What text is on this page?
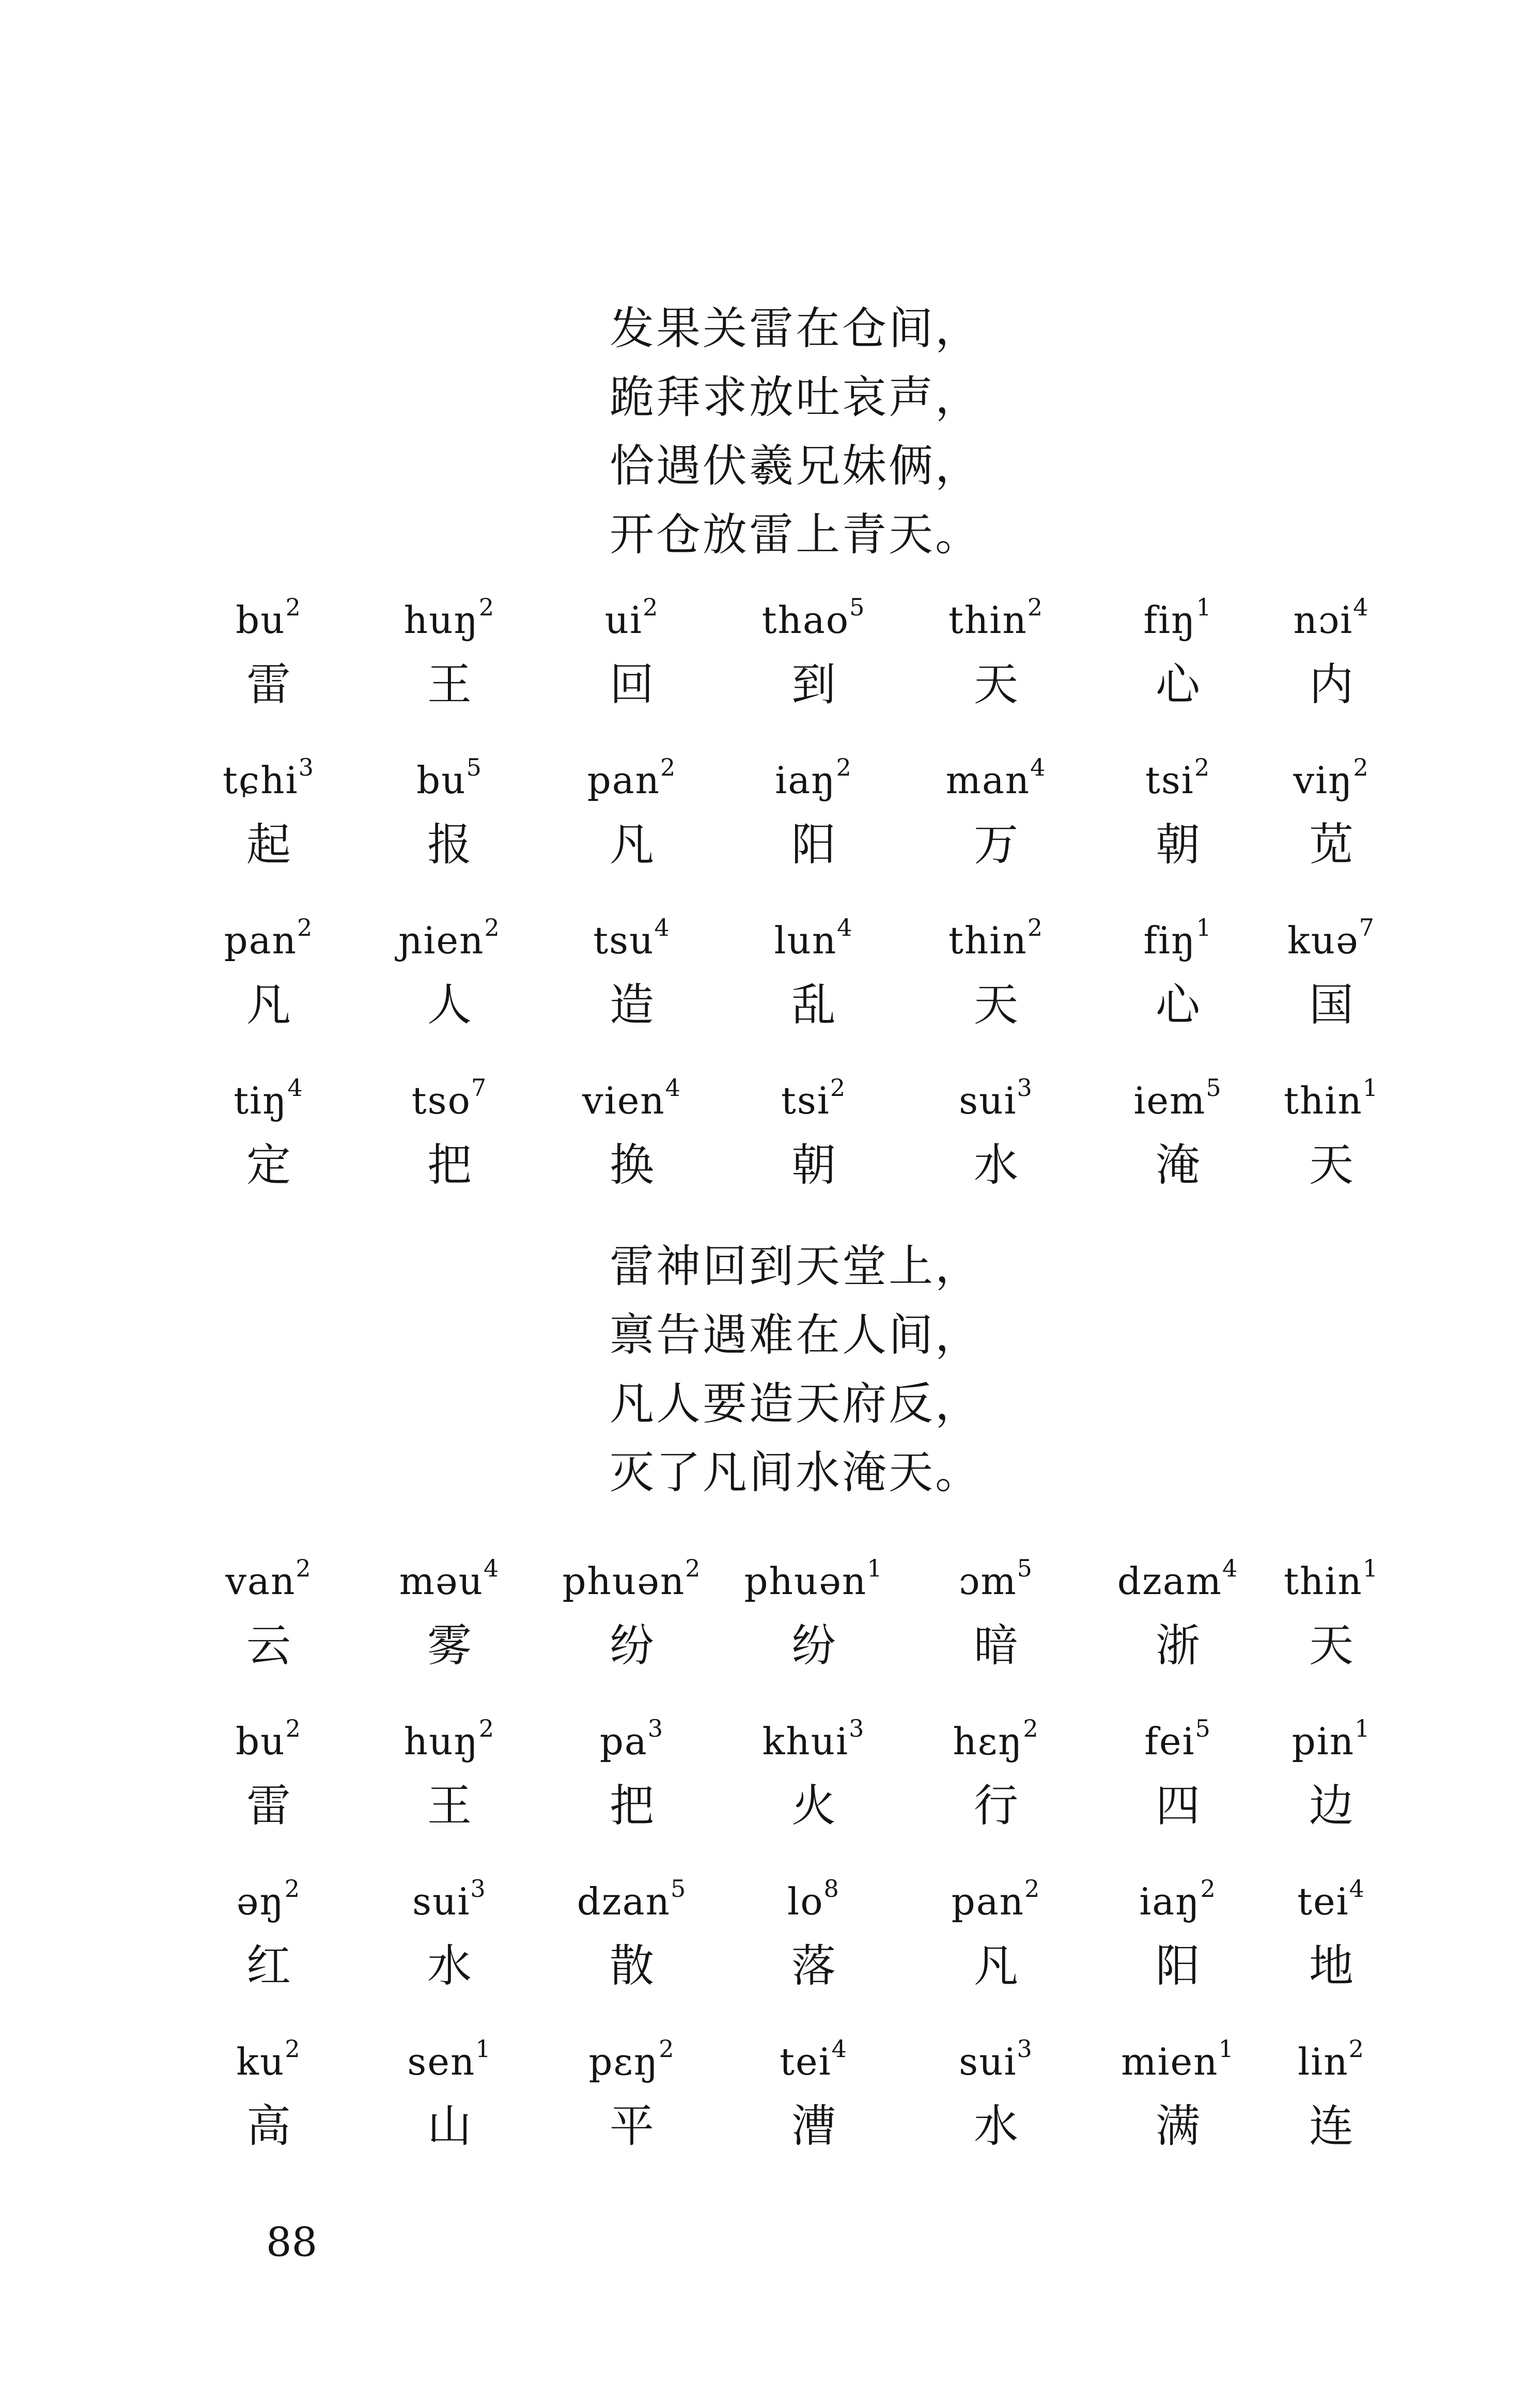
发果关雷在仓间，
跪拜求放吐哀声，
恰遇伏羲兄妹俩，
开仓放雷上青天。
$bu^2$
雷
huŋ$^2$
王
$ui^2$
回
thao$^5$
到
thin$^2$
天
fiŋ$^1$
心
nɔi$^4$
内
tɕhi$^3$
起
$bu^5$
报
pan$^2$
凡
iaŋ$^2$
阳
man$^4$
万
tsi$^2$
朝
viŋ$^2$
苋
pan$^2$
凡
ɲien$^2$
人
tsu$^4$
造
lun$^4$
乱
thin$^2$
天
fiŋ$^1$
心
kuə$^7$
国
tiŋ$^4$
定
tso$^7$
把
vien$^4$
换
tsi$^2$
朝
sui$^3$
水
iem$^5$
淹
thin$^1$
天
雷神回到天堂上，
禀告遇难在人间，
凡人要造天府反，
灭了凡间水淹天。
van$^2$
云
məu$^4$
雾
phuən$^2$
纷
phuən$^1$
纷
ɔm$^5$
暗
dzam$^4$
浙
thin$^1$
天
$bu^2$
雷
huŋ$^2$
王
$pa^3$
把
khui$^3$
火
hɛŋ$^2$
行
fei$^5$
四
pin$^1$
边
əŋ$^2$
红
sui$^3$
水
dzan$^5$
散
$lo^8$
落
pan$^2$
凡
iaŋ$^2$
阳
tei$^4$
地
$ku^2$
高
sen$^1$
山
pɛŋ$^2$
平
tei$^4$
漕
sui$^3$
水
mien$^1$
满
lin$^2$
连
88
